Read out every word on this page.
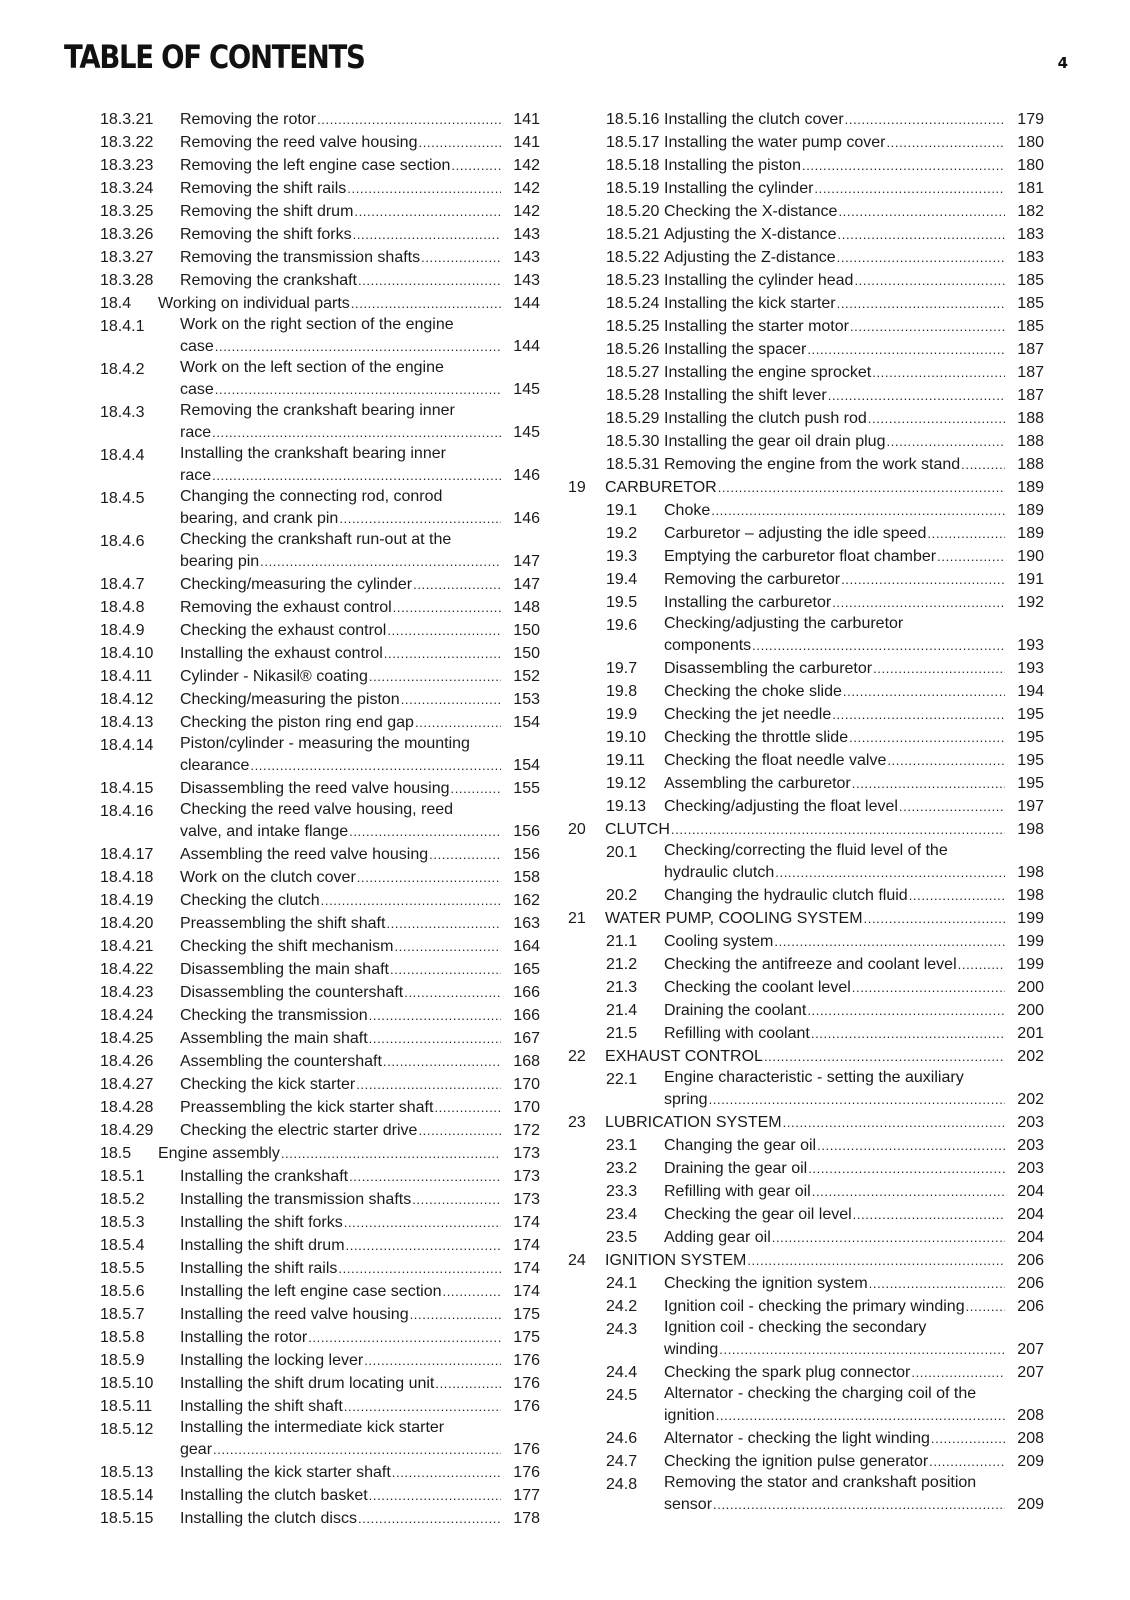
TABLE OF CONTENTS	4
18.3.21	Removing the rotor .....	141
18.3.22	Removing the reed valve housing .....	141
18.3.23	Removing the left engine case section .....	142
18.3.24	Removing the shift rails .....	142
18.3.25	Removing the shift drum .....	142
18.3.26	Removing the shift forks .....	143
18.3.27	Removing the transmission shafts .....	143
18.3.28	Removing the crankshaft .....	143
18.4	Working on individual parts .....	144
18.4.1	Work on the right section of the engine
case .....	144
18.4.2	Work on the left section of the engine
case .....	145
18.4.3	Removing the crankshaft bearing inner
race .....	145
18.4.4	Installing the crankshaft bearing inner
race .....	146
18.4.5	Changing the connecting rod, conrod
bearing, and crank pin .....	146
18.4.6	Checking the crankshaft run-out at the
bearing pin .....	147
18.4.7	Checking/measuring the cylinder .....	147
18.4.8	Removing the exhaust control .....	148
18.4.9	Checking the exhaust control .....	150
18.4.10	Installing the exhaust control .....	150
18.4.11	Cylinder - Nikasil® coating .....	152
18.4.12	Checking/measuring the piston .....	153
18.4.13	Checking the piston ring end gap .....	154
18.4.14	Piston/cylinder - measuring the mounting
clearance .....	154
18.4.15	Disassembling the reed valve housing .....	155
18.4.16	Checking the reed valve housing, reed
valve, and intake flange .....	156
18.4.17	Assembling the reed valve housing .....	156
18.4.18	Work on the clutch cover .....	158
18.4.19	Checking the clutch .....	162
18.4.20	Preassembling the shift shaft .....	163
18.4.21	Checking the shift mechanism .....	164
18.4.22	Disassembling the main shaft .....	165
18.4.23	Disassembling the countershaft .....	166
18.4.24	Checking the transmission .....	166
18.4.25	Assembling the main shaft .....	167
18.4.26	Assembling the countershaft .....	168
18.4.27	Checking the kick starter .....	170
18.4.28	Preassembling the kick starter shaft .....	170
18.4.29	Checking the electric starter drive .....	172
18.5	Engine assembly .....	173
18.5.1	Installing the crankshaft .....	173
18.5.2	Installing the transmission shafts .....	173
18.5.3	Installing the shift forks .....	174
18.5.4	Installing the shift drum .....	174
18.5.5	Installing the shift rails .....	174
18.5.6	Installing the left engine case section .....	174
18.5.7	Installing the reed valve housing .....	175
18.5.8	Installing the rotor .....	175
18.5.9	Installing the locking lever .....	176
18.5.10	Installing the shift drum locating unit .....	176
18.5.11	Installing the shift shaft .....	176
18.5.12	Installing the intermediate kick starter
gear .....	176
18.5.13	Installing the kick starter shaft .....	176
18.5.14	Installing the clutch basket .....	177
18.5.15	Installing the clutch discs .....	178
18.5.16 Installing the clutch cover .....	179
18.5.17 Installing the water pump cover .....	180
18.5.18 Installing the piston .....	180
18.5.19 Installing the cylinder .....	181
18.5.20 Checking the X-distance .....	182
18.5.21 Adjusting the X-distance .....	183
18.5.22 Adjusting the Z-distance .....	183
18.5.23 Installing the cylinder head .....	185
18.5.24 Installing the kick starter .....	185
18.5.25 Installing the starter motor .....	185
18.5.26 Installing the spacer .....	187
18.5.27 Installing the engine sprocket .....	187
18.5.28 Installing the shift lever .....	187
18.5.29 Installing the clutch push rod .....	188
18.5.30 Installing the gear oil drain plug .....	188
18.5.31 Removing the engine from the work stand .....	188
19	CARBURETOR .....	189
19.1	Choke .....	189
19.2	Carburetor – adjusting the idle speed .....	189
19.3	Emptying the carburetor float chamber .....	190
19.4	Removing the carburetor .....	191
19.5	Installing the carburetor .....	192
19.6	Checking/adjusting the carburetor
components .....	193
19.7	Disassembling the carburetor .....	193
19.8	Checking the choke slide .....	194
19.9	Checking the jet needle .....	195
19.10	Checking the throttle slide .....	195
19.11	Checking the float needle valve .....	195
19.12	Assembling the carburetor .....	195
19.13	Checking/adjusting the float level .....	197
20	CLUTCH .....	198
20.1	Checking/correcting the fluid level of the
hydraulic clutch .....	198
20.2	Changing the hydraulic clutch fluid .....	198
21	WATER PUMP, COOLING SYSTEM .....	199
21.1	Cooling system .....	199
21.2	Checking the antifreeze and coolant level .....	199
21.3	Checking the coolant level .....	200
21.4	Draining the coolant .....	200
21.5	Refilling with coolant .....	201
22	EXHAUST CONTROL .....	202
22.1	Engine characteristic - setting the auxiliary
spring .....	202
23	LUBRICATION SYSTEM .....	203
23.1	Changing the gear oil .....	203
23.2	Draining the gear oil .....	203
23.3	Refilling with gear oil .....	204
23.4	Checking the gear oil level .....	204
23.5	Adding gear oil .....	204
24	IGNITION SYSTEM .....	206
24.1	Checking the ignition system .....	206
24.2	Ignition coil - checking the primary winding .....	206
24.3	Ignition coil - checking the secondary
winding .....	207
24.4	Checking the spark plug connector .....	207
24.5	Alternator - checking the charging coil of the
ignition .....	208
24.6	Alternator - checking the light winding .....	208
24.7	Checking the ignition pulse generator .....	209
24.8	Removing the stator and crankshaft position
sensor .....	209
